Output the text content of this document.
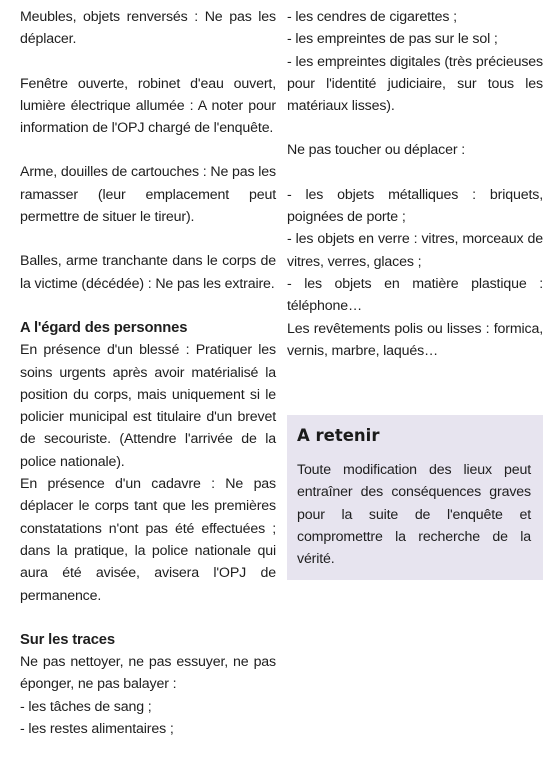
Meubles, objets renversés : Ne pas les déplacer.

Fenêtre ouverte, robinet d'eau ouvert, lumière électrique allumée : A noter pour information de l'OPJ chargé de l'enquête.

Arme, douilles de cartouches : Ne pas les ramasser (leur emplacement peut permettre de situer le tireur).

Balles, arme tranchante dans le corps de la victime (décédée) : Ne pas les extraire.

A l'égard des personnes

En présence d'un blessé : Pratiquer les soins urgents après avoir matérialisé la position du corps, mais uniquement si le policier municipal est titulaire d'un brevet de secouriste. (Attendre l'arrivée de la police nationale).

En présence d'un cadavre : Ne pas déplacer le corps tant que les premières constatations n'ont pas été effectuées ; dans la pratique, la police nationale qui aura été avisée, avisera l'OPJ de permanence.

Sur les traces

Ne pas nettoyer, ne pas essuyer, ne pas éponger, ne pas balayer :

- les tâches de sang ;
- les restes alimentaires ;

- les cendres de cigarettes ;

- les empreintes de pas sur le sol ;

- les empreintes digitales (très précieuses pour l'identité judiciaire, sur tous les matériaux lisses).

Ne pas toucher ou déplacer :

- les objets métalliques : briquets, poignées de porte ;

- les objets en verre : vitres, morceaux de vitres, verres, glaces ;

- les objets en matière plastique : téléphone…

Les revêtements polis ou lisses : formica, vernis, marbre, laqués…

A retenir

Toute modification des lieux peut entraîner des conséquences graves pour la suite de l'enquête et compromettre la recherche de la vérité.
